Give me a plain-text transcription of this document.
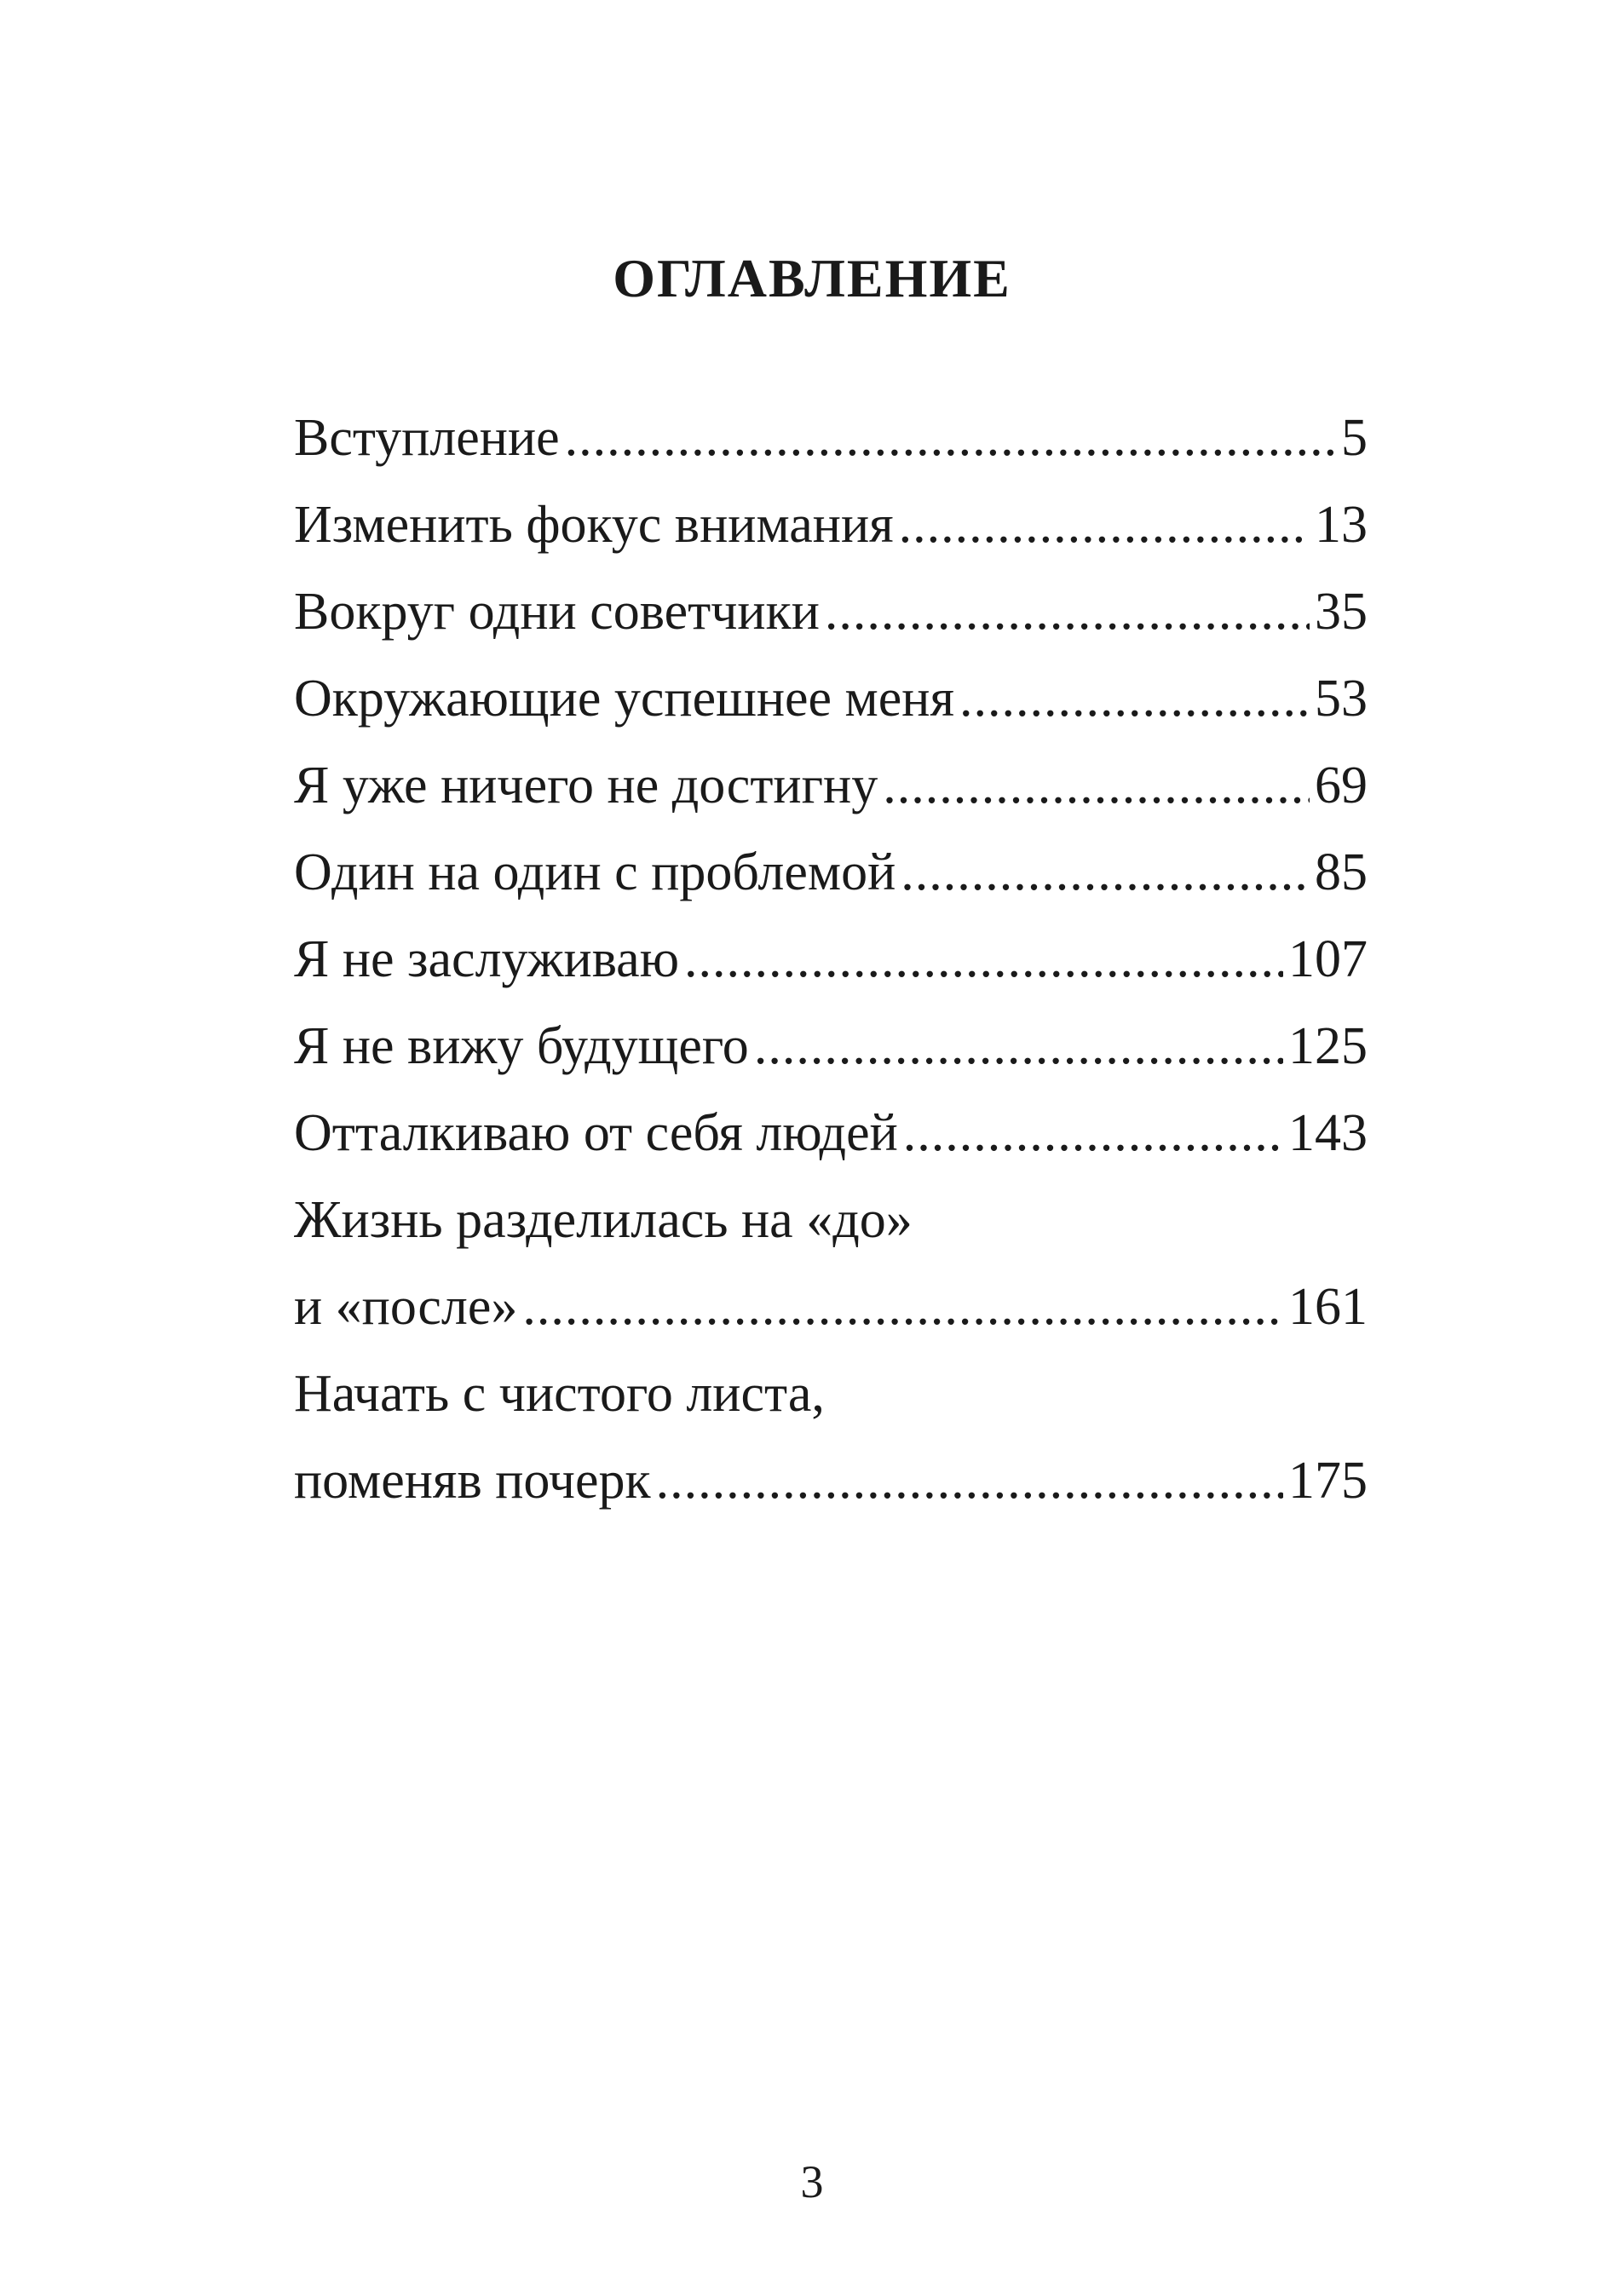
ОГЛАВЛЕНИЕ
Вступление .....	5
Изменить фокус внимания .....	13
Вокруг одни советчики .....	35
Окружающие успешнее меня .....	53
Я уже ничего не достигну .....	69
Один на один с проблемой .....	85
Я не заслуживаю .....	107
Я не вижу будущего .....	125
Отталкиваю от себя людей .....	143
Жизнь разделилась на «до»
и «после» .....	161
Начать с чистого листа,
поменяв почерк .....	175
3
